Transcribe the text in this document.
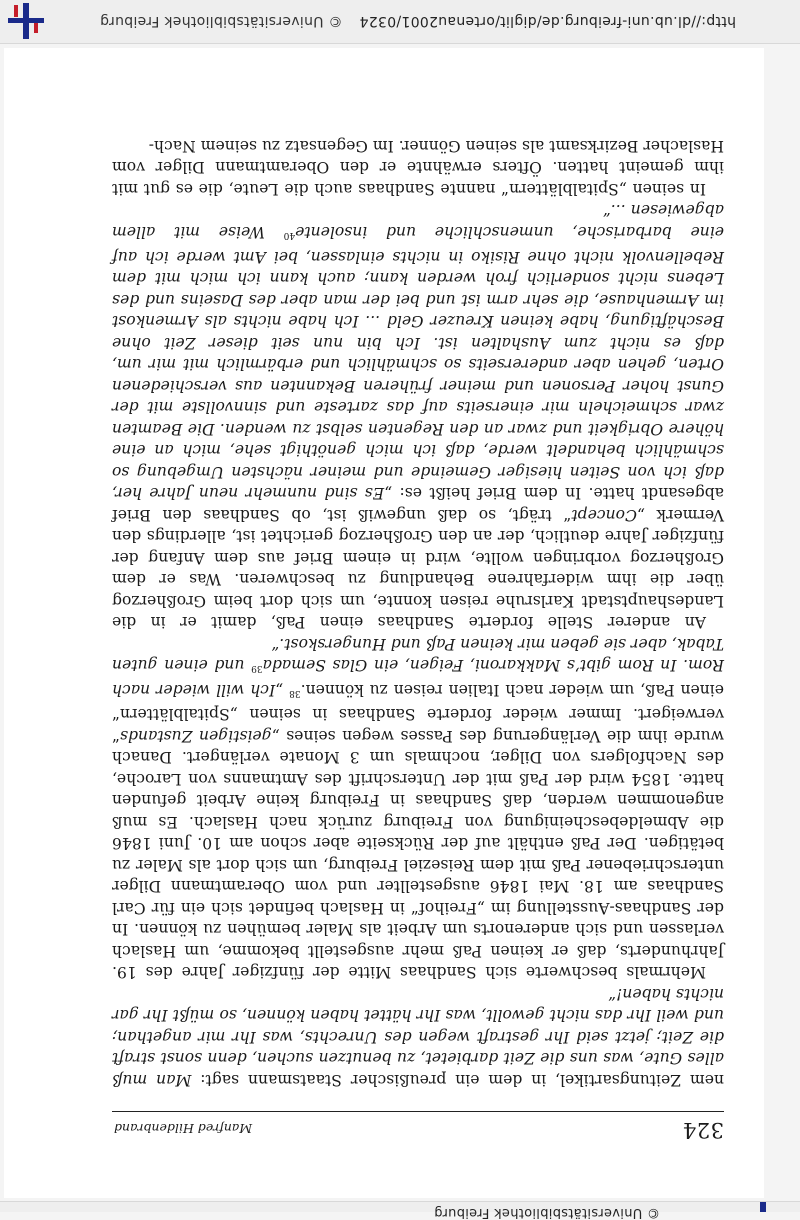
http://dl.ub.uni-freiburg.de/diglit/ortenau2001/0324 © Universitätsbibliothek Freiburg
324
Manfred Hildenbrand

nem Zeitungsartikel, in dem ein preußischer Staatsmann sagt: Man muß alles Gute, was uns die Zeit darbietet, zu benutzen suchen, denn sonst straft die Zeit; jetzt seid Ihr gestraft wegen des Unrechts, was Ihr mir angethan; und weil Ihr das nicht gewollt, was Ihr hättet haben können, so müßt Ihr gar nichts haben!“

Mehrmals beschwerte sich Sandhaas Mitte der fünfziger Jahre des 19. Jahrhunderts, daß er keinen Paß mehr ausgestellt bekomme, um Haslach verlassen und sich anderenorts um Arbeit als Maler bemühen zu können. In der Sandhaas-Ausstellung im „Freihof“ in Haslach befindet sich ein für Carl Sandhaas am 18. Mai 1846 ausgestellter und vom Oberamtmann Dilger unterschriebener Paß mit dem Reiseziel Freiburg, um sich dort als Maler zu betätigen. Der Paß enthält auf der Rückseite aber schon am 10. Juni 1846 die Abmeldebescheinigung von Freiburg zurück nach Haslach. Es muß angenommen werden, daß Sandhaas in Freiburg keine Arbeit gefunden hatte. 1854 wird der Paß mit der Unterschrift des Amtmanns von Laroche, des Nachfolgers von Dilger, nochmals um 3 Monate verlängert. Danach wurde ihm die Verlängerung des Passes wegen seines „geistigen Zustands“ verweigert. Immer wieder forderte Sandhaas in seinen „Spitalblättern“ einen Paß, um wieder nach Italien reisen zu können.$^{38}$ „Ich will wieder nach Rom. In Rom gibt’s Makkaroni, Feigen, ein Glas Semada$^{39}$ und einen guten Tabak, aber sie geben mir keinen Paß und Hungerskost.“

An anderer Stelle forderte Sandhaas einen Paß, damit er in die Landeshauptstadt Karlsruhe reisen konnte, um sich dort beim Großherzog über die ihm widerfahrene Behandlung zu beschweren. Was er dem Großherzog vorbringen wollte, wird in einem Brief aus dem Anfang der fünfziger Jahre deutlich, der an den Großherzog gerichtet ist, allerdings den Vermerk „Concept“ trägt, so daß ungewiß ist, ob Sandhaas den Brief abgesandt hatte. In dem Brief heißt es: „Es sind nunmehr neun Jahre her, daß ich von Seiten hiesiger Gemeinde und meiner nächsten Umgebung so schmählich behandelt werde, daß ich mich genöthigt sehe, mich an eine höhere Obrigkeit und zwar an den Regenten selbst zu wenden. Die Beamten zwar schmeicheln mir einerseits auf das zarteste und sinnvollste mit der Gunst hoher Personen und meiner früheren Bekannten aus verschiedenen Orten, gehen aber andererseits so schmählich und erbärmlich mit mir um, daß es nicht zum Aushalten ist. Ich bin nun seit dieser Zeit ohne Beschäftigung, habe keinen Kreuzer Geld ... Ich habe nichts als Armenkost im Armenhause, die sehr arm ist und bei der man aber des Daseins und des Lebens nicht sonderlich froh werden kann; auch kann ich mich mit dem Rebellenvolk nicht ohne Risiko in nichts einlassen, bei Amt werde ich auf eine barbarische, unmenschliche und insolente$^{40}$ Weise mit allem abgewiesen ...“

In seinen „Spitalblättern“ nannte Sandhaas auch die Leute, die es gut mit ihm gemeint hatten. Öfters erwähnte er den Oberamtmann Dilger vom Haslacher Bezirksamt als seinen Gönner. Im Gegensatz zu seinem Nach-

© Universitätsbibliothek Freiburg
